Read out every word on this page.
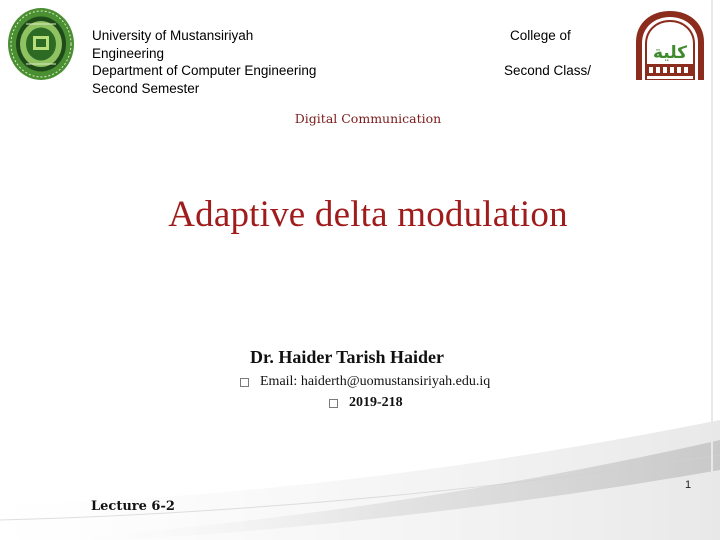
كلية
University of Mustansiriyah
Engineering
Department of Computer Engineering
Second Semester
College of
Second Class/
Digital Communication
Adaptive delta modulation
Dr. Haider Tarish Haider
Email: haiderth@uomustansiriyah.edu.iq
2019-218
1
Lecture 6-2
